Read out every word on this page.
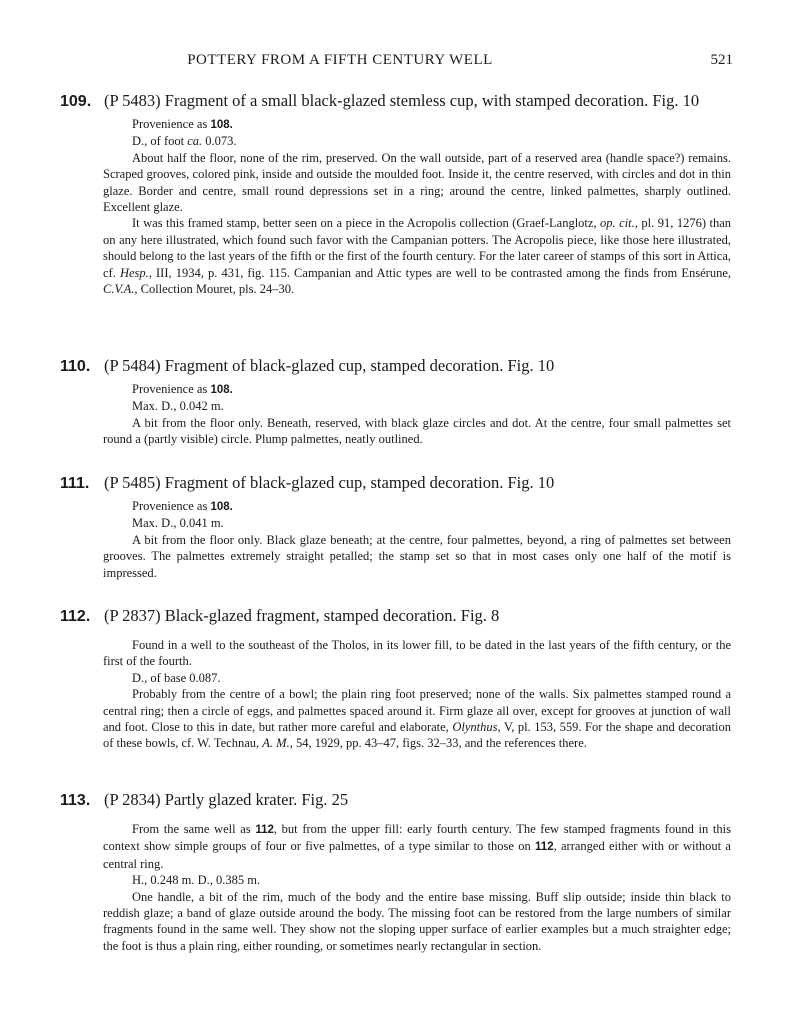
POTTERY FROM A FIFTH CENTURY WELL	521
109. (P 5483) Fragment of a small black-glazed stemless cup, with stamped decoration. Fig. 10

Provenience as 108.

D., of foot ca. 0.073.

About half the floor, none of the rim, preserved. On the wall outside, part of a reserved area (handle space?) remains. Scraped grooves, colored pink, inside and outside the moulded foot. Inside it, the centre reserved, with circles and dot in thin glaze. Border and centre, small round depressions set in a ring; around the centre, linked palmettes, sharply outlined. Excellent glaze.

It was this framed stamp, better seen on a piece in the Acropolis collection (Graef-Langlotz, op. cit., pl. 91, 1276) than on any here illustrated, which found such favor with the Campanian potters. The Acropolis piece, like those here illustrated, should belong to the last years of the fifth or the first of the fourth century. For the later career of stamps of this sort in Attica, cf. Hesp., III, 1934, p. 431, fig. 115. Campanian and Attic types are well to be contrasted among the finds from Ensérune, C.V.A., Collection Mouret, pls. 24–30.

110. (P 5484) Fragment of black-glazed cup, stamped decoration. Fig. 10

Provenience as 108.

Max. D., 0.042 m.

A bit from the floor only. Beneath, reserved, with black glaze circles and dot. At the centre, four small palmettes set round a (partly visible) circle. Plump palmettes, neatly outlined.

111. (P 5485) Fragment of black-glazed cup, stamped decoration. Fig. 10

Provenience as 108.

Max. D., 0.041 m.

A bit from the floor only. Black glaze beneath; at the centre, four palmettes, beyond, a ring of palmettes set between grooves. The palmettes extremely straight petalled; the stamp set so that in most cases only one half of the motif is impressed.

112. (P 2837) Black-glazed fragment, stamped decoration. Fig. 8

Found in a well to the southeast of the Tholos, in its lower fill, to be dated in the last years of the fifth century, or the first of the fourth.

D., of base 0.087.

Probably from the centre of a bowl; the plain ring foot preserved; none of the walls. Six palmettes stamped round a central ring; then a circle of eggs, and palmettes spaced around it. Firm glaze all over, except for grooves at junction of wall and foot. Close to this in date, but rather more careful and elaborate, Olynthus, V, pl. 153, 559. For the shape and decoration of these bowls, cf. W. Technau, A. M., 54, 1929, pp. 43–47, figs. 32–33, and the references there.

113. (P 2834) Partly glazed krater. Fig. 25

From the same well as 112, but from the upper fill: early fourth century. The few stamped fragments found in this context show simple groups of four or five palmettes, of a type similar to those on 112, arranged either with or without a central ring.

H., 0.248 m. D., 0.385 m.

One handle, a bit of the rim, much of the body and the entire base missing. Buff slip outside; inside thin black to reddish glaze; a band of glaze outside around the body. The missing foot can be restored from the large numbers of similar fragments found in the same well. They show not the sloping upper surface of earlier examples but a much straighter edge; the foot is thus a plain ring, either rounding, or sometimes nearly rectangular in section.
